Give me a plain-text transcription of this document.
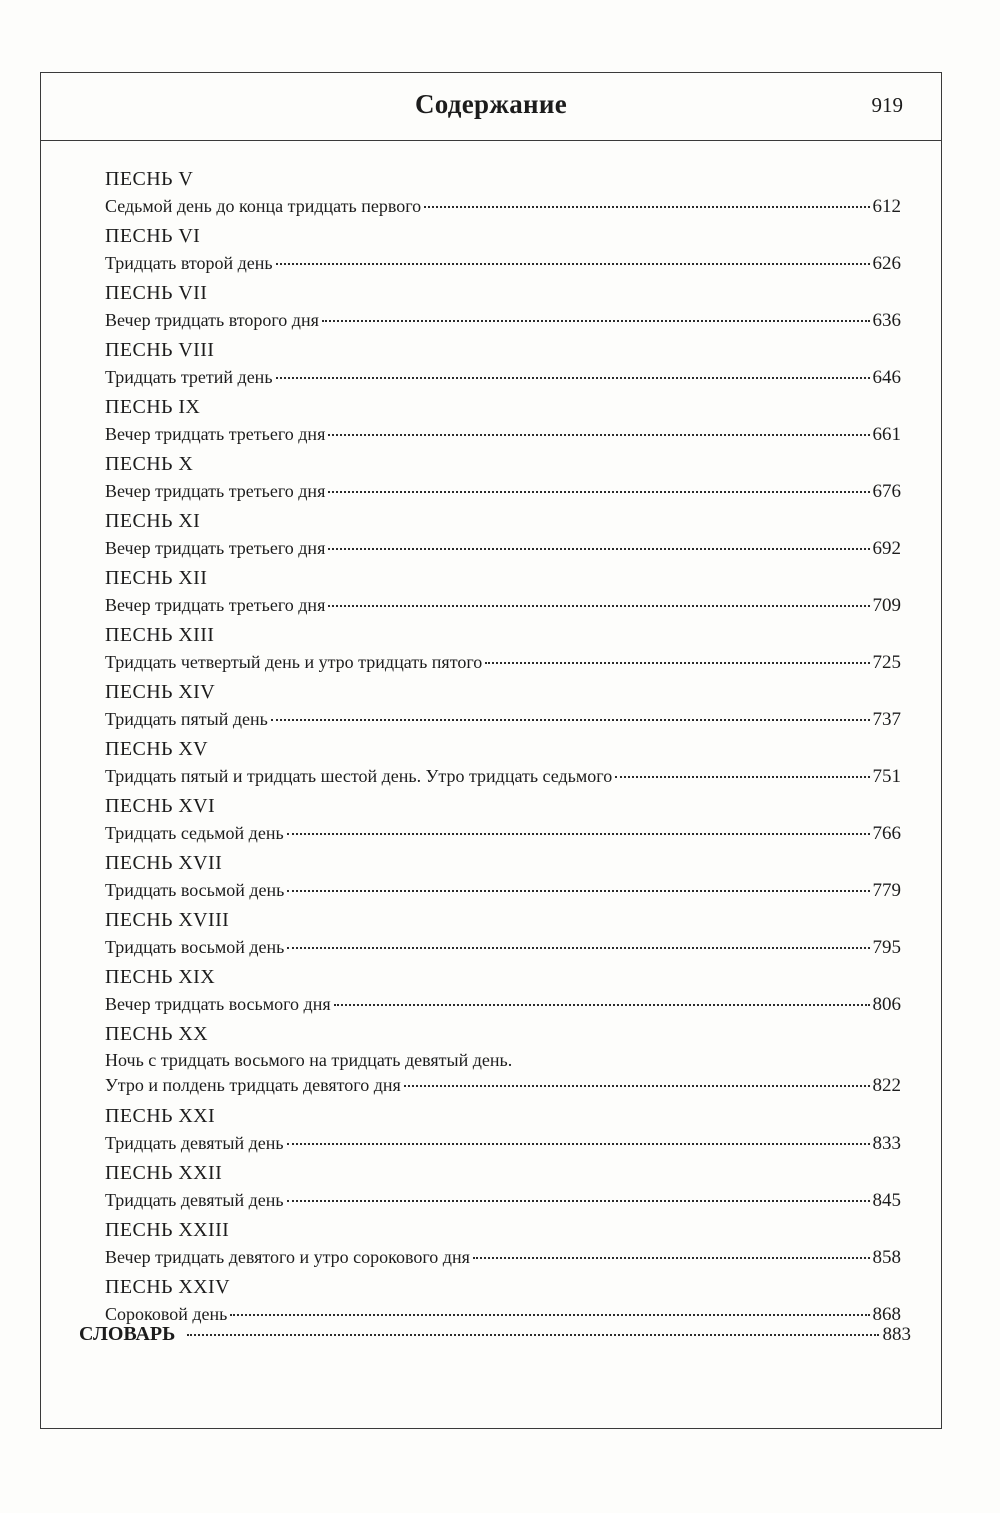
Содержание	919
ПЕСНЬ V
Седьмой день до конца тридцать первого	612
ПЕСНЬ VI
Тридцать второй день	626
ПЕСНЬ VII
Вечер тридцать второго дня	636
ПЕСНЬ VIII
Тридцать третий день	646
ПЕСНЬ IX
Вечер тридцать третьего дня	661
ПЕСНЬ X
Вечер тридцать третьего дня	676
ПЕСНЬ XI
Вечер тридцать третьего дня	692
ПЕСНЬ XII
Вечер тридцать третьего дня	709
ПЕСНЬ XIII
Тридцать четвертый день и утро тридцать пятого	725
ПЕСНЬ XIV
Тридцать пятый день	737
ПЕСНЬ XV
Тридцать пятый и тридцать шестой день. Утро тридцать седьмого	751
ПЕСНЬ XVI
Тридцать седьмой день	766
ПЕСНЬ XVII
Тридцать восьмой день	779
ПЕСНЬ XVIII
Тридцать восьмой день	795
ПЕСНЬ XIX
Вечер тридцать восьмого дня	806
ПЕСНЬ XX
Ночь с тридцать восьмого на тридцать девятый день.
Утро и полдень тридцать девятого дня	822
ПЕСНЬ XXI
Тридцать девятый день	833
ПЕСНЬ XXII
Тридцать девятый день	845
ПЕСНЬ XXIII
Вечер тридцать девятого и утро сорокового дня	858
ПЕСНЬ XXIV
Сороковой день	868
СЛОВАРЬ	883
